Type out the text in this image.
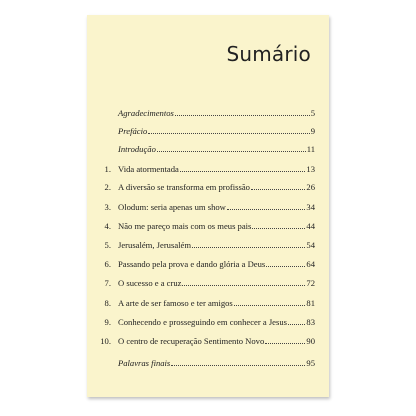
Sumário
Agradecimentos	5
Prefácio	9
Introdução	11
1. Vida atormentada	13
2. A diversão se transforma em profissão	26
3. Olodum: seria apenas um show	34
4. Não me pareço mais com os meus pais	44
5. Jerusalém, Jerusalém	54
6. Passando pela prova e dando glória a Deus	64
7. O sucesso e a cruz	72
8. A arte de ser famoso e ter amigos	81
9. Conhecendo e prosseguindo em conhecer a Jesus 83
10. O centro de recuperação Sentimento Novo	90
Palavras finais	95
